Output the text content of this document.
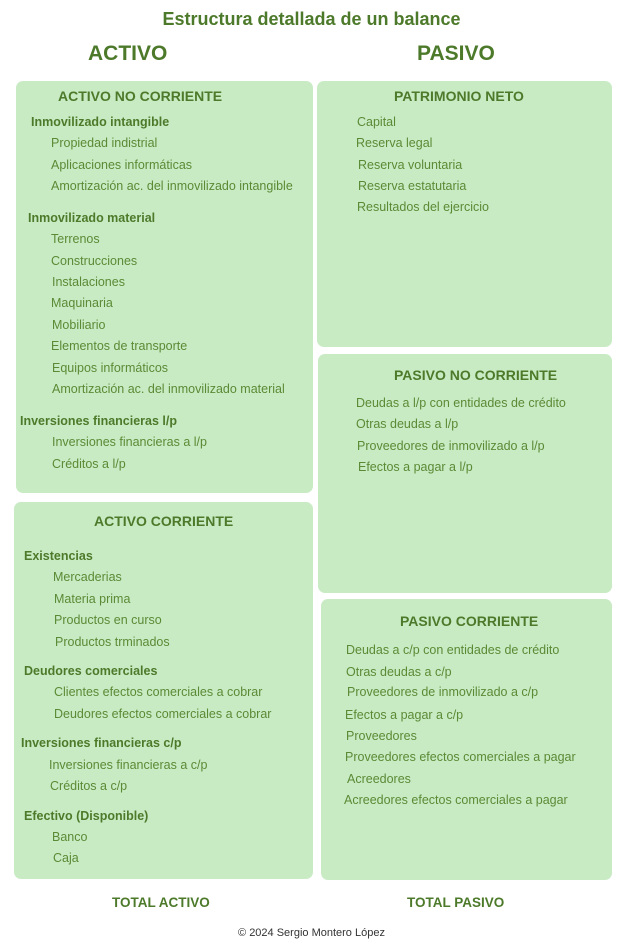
Estructura detallada de un balance
ACTIVO	PASIVO
ACTIVO NO CORRIENTE
Inmovilizado intangible
Propiedad indistrial
Aplicaciones informáticas
Amortización ac. del inmovilizado intangible
Inmovilizado material
Terrenos
Construcciones
Instalaciones
Maquinaria
Mobiliario
Elementos de transporte
Equipos informáticos
Amortización ac. del inmovilizado material
Inversiones financieras l/p
Inversiones financieras a l/p
Créditos a l/p
ACTIVO CORRIENTE
Existencias
Mercaderias
Materia prima
Productos en curso
Productos trminados
Deudores comerciales
Clientes efectos comerciales a cobrar
Deudores efectos comerciales a cobrar
Inversiones financieras c/p
Inversiones financieras a c/p
Créditos a c/p
Efectivo (Disponible)
Banco
Caja
PATRIMONIO NETO
Capital
Reserva legal
Reserva voluntaria
Reserva estatutaria
Resultados del ejercicio
PASIVO NO CORRIENTE
Deudas a l/p con entidades de crédito
Otras deudas a l/p
Proveedores de inmovilizado a l/p
Efectos a pagar a l/p
PASIVO CORRIENTE
Deudas a c/p con entidades de crédito
Otras deudas a c/p
Proveedores de inmovilizado a c/p
Efectos a pagar a c/p
Proveedores
Proveedores efectos comerciales a pagar
Acreedores
Acreedores efectos comerciales a pagar
TOTAL ACTIVO	TOTAL PASIVO
© 2024 Sergio Montero López
